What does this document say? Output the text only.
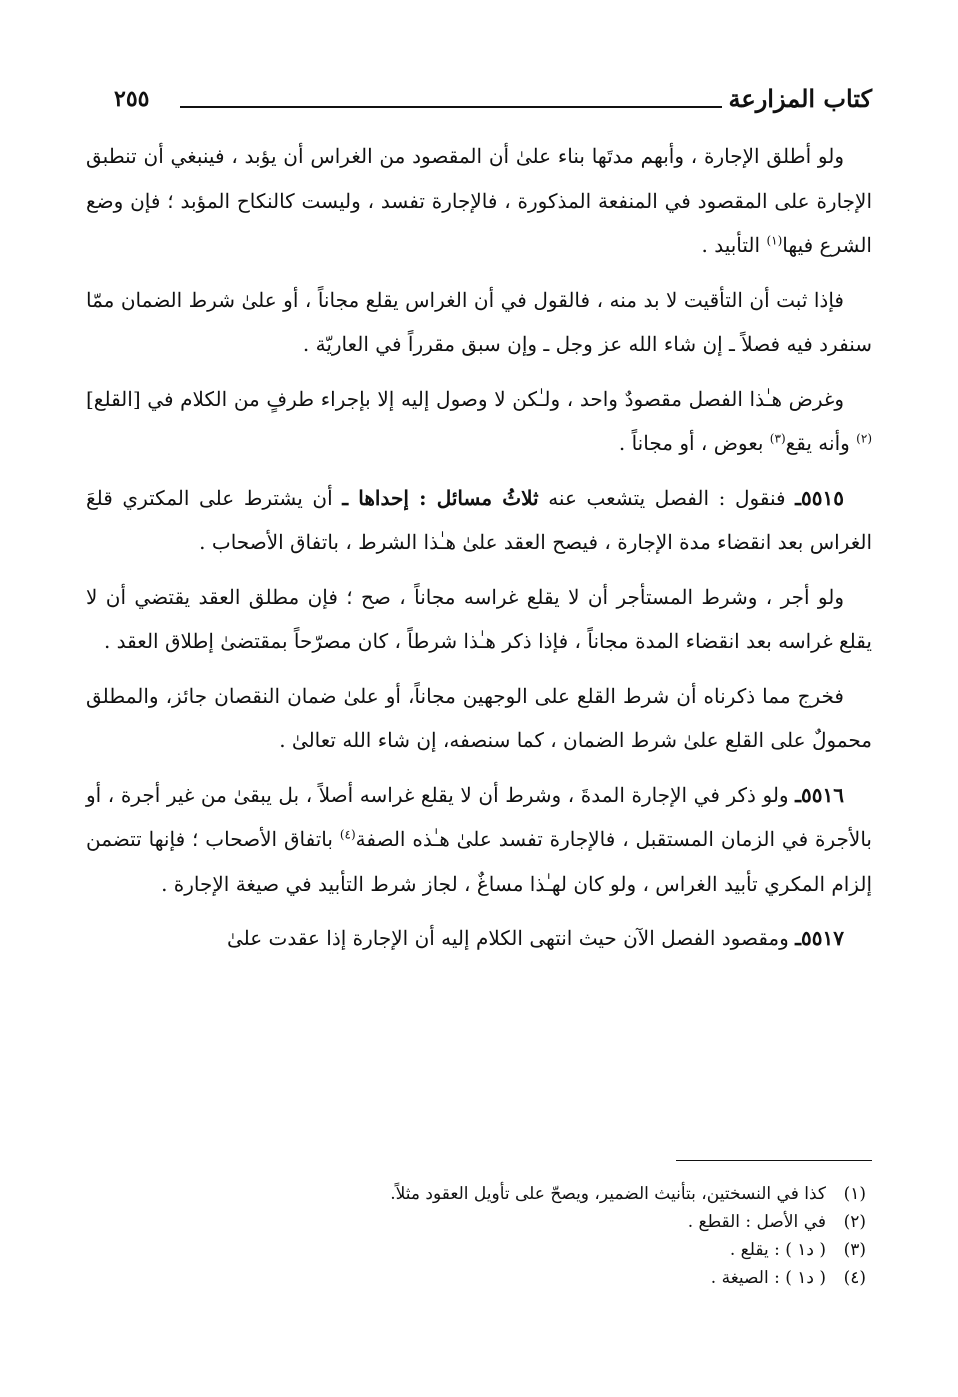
كتاب المزارعة
٢٥٥

ولو أطلق الإجارة ، وأبهم مدتَها بناء علىٰ أن المقصود من الغراس أن يؤبد ، فينبغي أن تنطبق الإجارة على المقصود في المنفعة المذكورة ، فالإجارة تفسد ، وليست كالنكاح المؤبد ؛ فإن وضع الشرع فيها$^{(١)}$ التأبيد .

فإذا ثبت أن التأقيت لا بد منه ، فالقول في أن الغراس يقلع مجاناً ، أو علىٰ شرط الضمان ممّا سنفرد فيه فصلاً ـ إن شاء الله عز وجل ـ وإن سبق مقرراً في العاريّة .

وغرض هـٰذا الفصل مقصودٌ واحد ، ولـٰكن لا وصول إليه إلا بإجراء طرفٍ من الكلام في [القلع]$^{(٢)}$ وأنه يقع$^{(٣)}$ بعوض ، أو مجاناً .

٥٥١٥ـ فنقول : الفصل يتشعب عنه ثلاثُ مسائل : إحداها ـ أن يشترط على المكتري قلعَ الغراس بعد انقضاء مدة الإجارة ، فيصح العقد علىٰ هـٰذا الشرط ، باتفاق الأصحاب .

ولو أجر ، وشرط المستأجر أن لا يقلع غراسه مجاناً ، صح ؛ فإن مطلق العقد يقتضي أن لا يقلع غراسه بعد انقضاء المدة مجاناً ، فإذا ذكر هـٰذا شرطاً ، كان مصرّحاً بمقتضىٰ إطلاق العقد .

فخرج مما ذكرناه أن شرط القلع على الوجهين مجاناً، أو علىٰ ضمان النقصان جائز، والمطلق محمولٌ على القلع علىٰ شرط الضمان ، كما سنصفه، إن شاء الله تعالىٰ .

٥٥١٦ـ ولو ذكر في الإجارة المدةَ ، وشرط أن لا يقلع غراسه أصلاً ، بل يبقىٰ من غير أجرة ، أو بالأجرة في الزمان المستقبل ، فالإجارة تفسد علىٰ هـٰذه الصفة$^{(٤)}$ باتفاق الأصحاب ؛ فإنها تتضمن إلزام المكري تأبيد الغراس ، ولو كان لهـٰذا مساغٌ ، لجاز شرط التأبيد في صيغة الإجارة .

٥٥١٧ـ ومقصود الفصل الآن حيث انتهى الكلام إليه أن الإجارة إذا عقدت علىٰ

(١)
كذا في النسختين، بتأنيث الضمير، ويصحّ على تأويل العقود مثلاً.
(٢)
في الأصل : القطع .
(٣)
( د١ ) : يقلع .
(٤)
( د١ ) : الصيغة .
